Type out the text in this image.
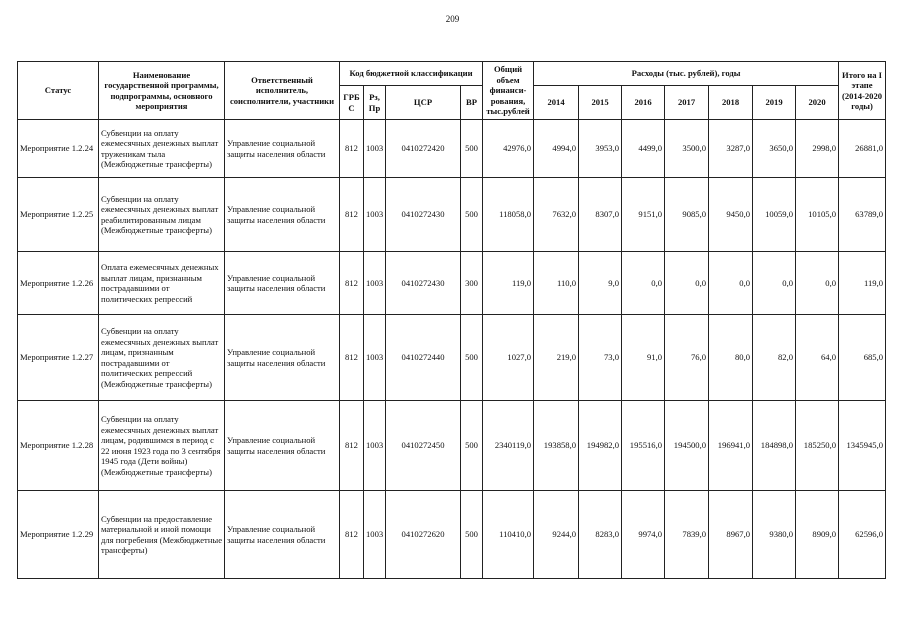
209
Статус	Наименование государственной программы, подпрограммы, основного мероприятия	Ответственный исполнитель, соисполнители, участники	Код бюджетной классификации				Общий объем финанси-рования, тыс.рублей	Расходы (тыс. рублей), годы							Итого на I этапе (2014-2020 годы)
			ГРБ С	Рз, Пр	ЦСР	ВР		2014	2015	2016	2017	2018	2019	2020	
Мероприятие 1.2.24	Субвенции на оплату ежемесячных денежных выплат труженикам тыла (Межбюджетные трансферты)	Управление социальной защиты населения области	812	1003	0410272420	500	42976,0	4994,0	3953,0	4499,0	3500,0	3287,0	3650,0	2998,0	26881,0
Мероприятие 1.2.25	Субвенции на оплату ежемесячных денежных выплат реабилитированным лицам (Межбюджетные трансферты)	Управление социальной защиты населения области	812	1003	0410272430	500	118058,0	7632,0	8307,0	9151,0	9085,0	9450,0	10059,0	10105,0	63789,0
Мероприятие 1.2.26	Оплата ежемесячных денежных выплат лицам, признанным пострадавшими от политических репрессий	Управление социальной защиты населения области	812	1003	0410272430	300	119,0	110,0	9,0	0,0	0,0	0,0	0,0	0,0	119,0
Мероприятие 1.2.27	Субвенции на оплату ежемесячных денежных выплат лицам, признанным пострадавшими от политических репрессий (Межбюджетные трансферты)	Управление социальной защиты населения области	812	1003	0410272440	500	1027,0	219,0	73,0	91,0	76,0	80,0	82,0	64,0	685,0
Мероприятие 1.2.28	Субвенции на оплату ежемесячных денежных выплат лицам, родившимся в период с 22 июня 1923 года по 3 сентября 1945 года (Дети войны) (Межбюджетные трансферты)	Управление социальной защиты населения области	812	1003	0410272450	500	2340119,0	193858,0	194982,0	195516,0	194500,0	196941,0	184898,0	185250,0	1345945,0
Мероприятие 1.2.29	Субвенции на предоставление материальной и иной помощи для погребения (Межбюджетные трансферты)	Управление социальной защиты населения области	812	1003	0410272620	500	110410,0	9244,0	8283,0	9974,0	7839,0	8967,0	9380,0	8909,0	62596,0
